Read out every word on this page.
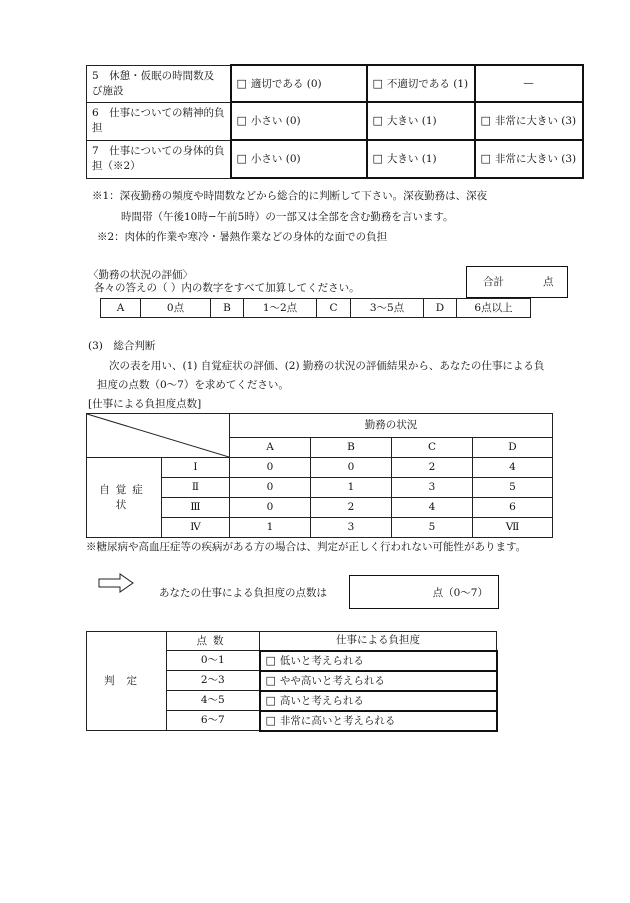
5　休憩・仮眠の時間数及び施設	□ 適切である (0)	□ 不適切である (1)	—
6　仕事についての精神的負担	□ 小さい (0)	□ 大きい (1)	□ 非常に大きい (3)
7　仕事についての身体的負担（※2）	□ 小さい (0)	□ 大きい (1)	□ 非常に大きい (3)
※1：深夜勤務の頻度や時間数などから総合的に判断して下さい。深夜勤務は、深夜
時間帯（午後10時−午前5時）の一部又は全部を含む勤務を言います。
※2：肉体的作業や寒冷・暑熱作業などの身体的な面での負担
〈勤務の状況の評価〉
各々の答えの（ ）内の数字をすべて加算してください。	合計	点
A	0点	B	1〜2点	C	3〜5点	D	6点以上
(3)　総合判断
次の表を用い、(1) 自覚症状の評価、(2) 勤務の状況の評価結果から、あなたの仕事による負
担度の点数（0〜7）を求めてください。
[仕事による負担度点数]
		勤務の状況			
		A	B	C	D
自覚症状	Ⅰ	0	0	2	4
	Ⅱ	0	1	3	5
	Ⅲ	0	2	4	6
	Ⅳ	1	3	5	Ⅶ
※糖尿病や高血圧症等の疾病がある方の場合は、判定が正しく行われない可能性があります。
あなたの仕事による負担度の点数は	点（0〜7）
判定	点数	仕事による負担度
	0〜1	□ 低いと考えられる
	2〜3	□ やや高いと考えられる
	4〜5	□ 高いと考えられる
	6〜7	□ 非常に高いと考えられる
